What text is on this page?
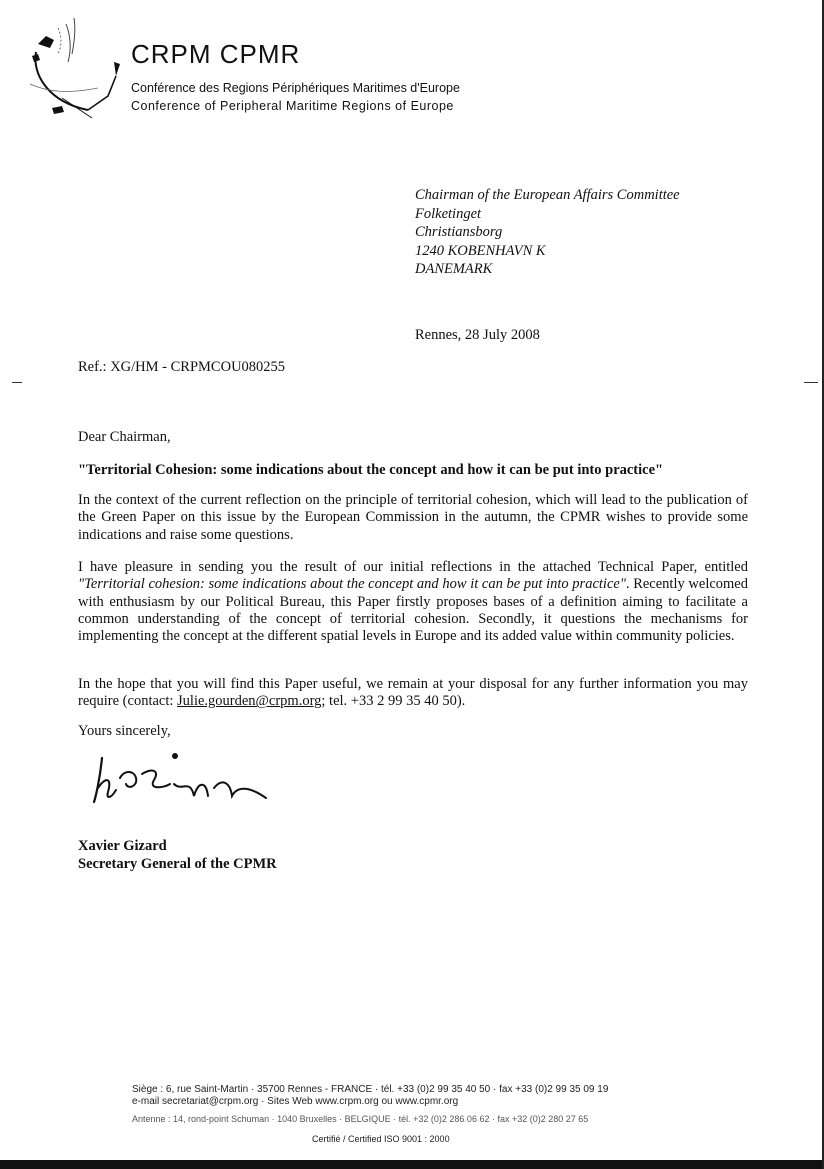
CRPM CPMR
Conférence des Regions Périphériques Maritimes d'Europe
Conference of Peripheral Maritime Regions of Europe
Chairman of the European Affairs Committee
Folketinget
Christiansborg
1240 KOBENHAVN K
DANEMARK
Rennes, 28 July 2008
Ref.: XG/HM - CRPMCOU080255
Dear Chairman,
"Territorial Cohesion: some indications about the concept and how it can be put into practice"
In the context of the current reflection on the principle of territorial cohesion, which will lead to the publication of the Green Paper on this issue by the European Commission in the autumn, the CPMR wishes to provide some indications and raise some questions.
I have pleasure in sending you the result of our initial reflections in the attached Technical Paper, entitled "Territorial cohesion: some indications about the concept and how it can be put into practice". Recently welcomed with enthusiasm by our Political Bureau, this Paper firstly proposes bases of a definition aiming to facilitate a common understanding of the concept of territorial cohesion. Secondly, it questions the mechanisms for implementing the concept at the different spatial levels in Europe and its added value within community policies.
In the hope that you will find this Paper useful, we remain at your disposal for any further information you may require (contact: Julie.gourden@crpm.org; tel. +33 2 99 35 40 50).
Yours sincerely,
Xavier Gizard
Secretary General of the CPMR
Siège : 6, rue Saint-Martin · 35700 Rennes - FRANCE · tél. +33 (0)2 99 35 40 50 · fax +33 (0)2 99 35 09 19
e-mail secretariat@crpm.org · Sites Web www.crpm.org ou www.cpmr.org
Antenne : 14, rond-point Schuman · 1040 Bruxelles · BELGIQUE · tél. +32 (0)2 286 06 62 · fax +32 (0)2 280 27 65
Certifié / Certified ISO 9001 : 2000
